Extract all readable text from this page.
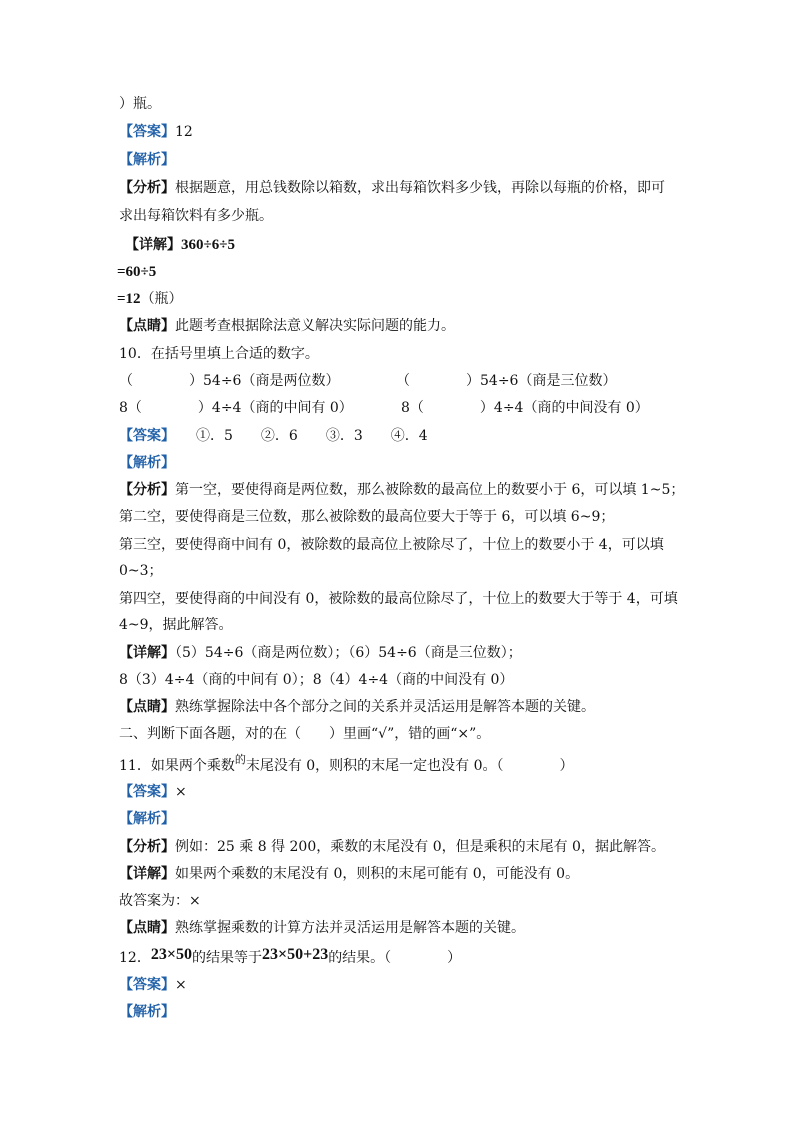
）瓶。
【答案】12
【解析】
【分析】根据题意，用总钱数除以箱数，求出每箱饮料多少钱，再除以每瓶的价格，即可
求出每箱饮料有多少瓶。
【详解】360÷6÷5
=60÷5
=12（瓶）
【点睛】此题考查根据除法意义解决实际问题的能力。
10．在括号里填上合适的数字。
（　　　　）54÷6（商是两位数）	（　　　　）54÷6（商是三位数）
8（　　　　）4÷4（商的中间有 0）	8（　　　　）4÷4（商的中间没有 0）
【答案】　　①．5　　②．6　　③．3　　④．4
【解析】
【分析】第一空，要使得商是两位数，那么被除数的最高位上的数要小于 6，可以填 1~5；
第二空，要使得商是三位数，那么被除数的最高位要大于等于 6，可以填 6~9；
第三空，要使得商中间有 0，被除数的最高位上被除尽了，十位上的数要小于 4，可以填
0~3；
第四空，要使得商的中间没有 0，被除数的最高位除尽了，十位上的数要大于等于 4，可填
4~9，据此解答。
【详解】（5）54÷6（商是两位数）；（6）54÷6（商是三位数）；
8（3）4÷4（商的中间有 0）；8（4）4÷4（商的中间没有 0）
【点睛】熟练掌握除法中各个部分之间的关系并灵活运用是解答本题的关键。
二、判断下面各题，对的在（　　）里画“√”，错的画“×”。
11．如果两个乘数$^的$末尾没有 0，则积的末尾一定也没有 0。（　　　　）
【答案】×
【解析】
【分析】例如：25 乘 8 得 200，乘数的末尾没有 0，但是乘积的末尾有 0，据此解答。
【详解】如果两个乘数的末尾没有 0，则积的末尾可能有 0，可能没有 0。
故答案为：×
【点睛】熟练掌握乘数的计算方法并灵活运用是解答本题的关键。
12．23×50的结果等于23×50+23的结果。（　　　　）
【答案】×
【解析】
